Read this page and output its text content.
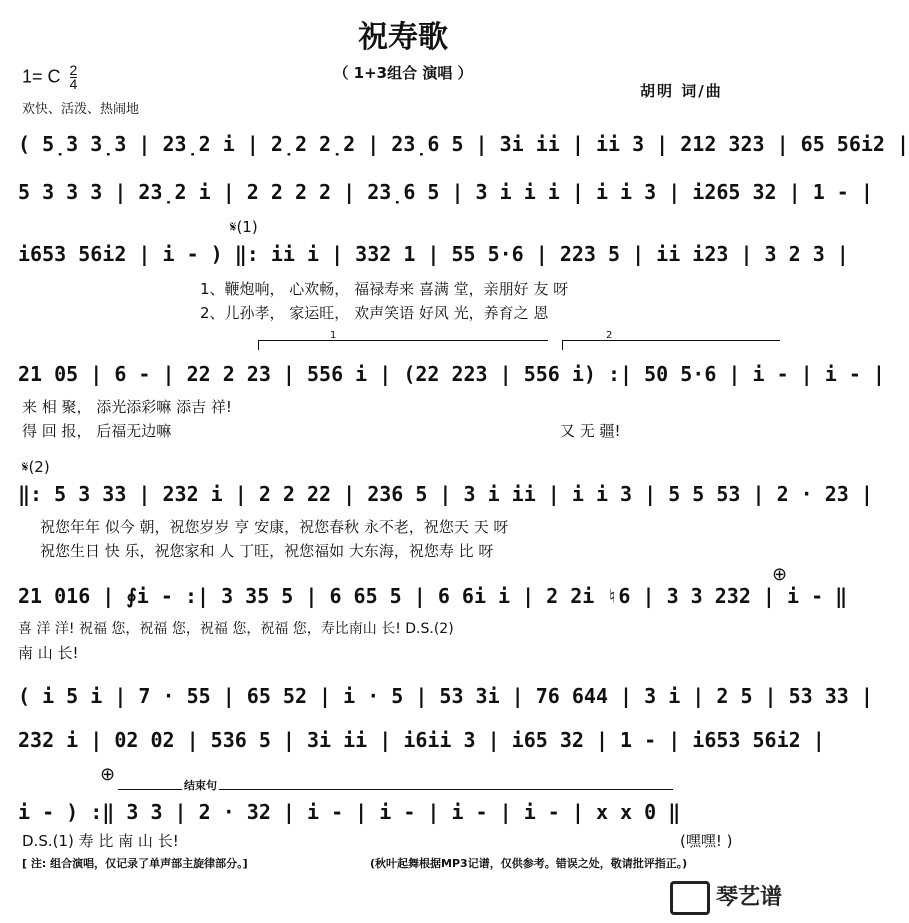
祝寿歌
（ 1+3组合 演唱 ）
1= C $\frac{2}{4}$
欢快、活泼、热闹地
胡明 词/曲
( 5̣3 3̣3 | 23̣2 i | 2̣2 2̣2 | 23̣6 5 | 3i ii | ii 3 | 212 323 | 65 56i2 |
5 3 3 3 | 23̣2 i | 2 2 2 2 | 23̣6 5 | 3 i i i | i i 3 | i265 32 | 1 - |
𝄋(1)
i653 56i2 | i - ) ‖: ii i | 332 1 | 55 5·6 | 223 5 | ii i23 | 3 2 3 |
1、鞭炮响， 心欢畅， 福禄寿来 喜满 堂，亲朋好 友 呀
2、儿孙孝， 家运旺， 欢声笑语 好风 光，养育之 恩
1	2
21 05 | 6 - | 22 2 23 | 556 i | (22 223 | 556 i) :| 50 5·6 | i - | i - |
来 相 聚， 添光添彩嘛 添吉 祥!
得 回 报， 后福无边嘛	又 无 疆!
𝄋(2)
‖: 5 3 33 | 232 i | 2 2 22 | 236 5 | 3 i ii | i i 3 | 5 5 53 | 2 · 23 |
祝您年年 似今 朝，祝您岁岁 亨 安康，祝您春秋 永不老，祝您天 天 呀
祝您生日 快 乐，祝您家和 人 丁旺，祝您福如 大东海，祝您寿 比 呀
⊕
21 016 | ∮i - :| 3 35 5 | 6 65 5 | 6 6i i | 2 2i ♮6 | 3 3 232 | i - ‖
喜 洋 洋! 祝福 您，祝福 您，祝福 您，祝福 您，寿比南山 长! D.S.(2)
南 山 长!
( i 5 i | 7 · 55 | 65 52 | i · 5 | 53 3i | 76 644 | 3 i | 2 5 | 53 33 |
232 i | 02 02 | 536 5 | 3i ii | i6ii 3 | i65 32 | 1 - | i653 56i2 |
⊕
结束句
i - ) :‖ 3 3 | 2 · 32 | i - | i - | i - | i - | x x 0 ‖
D.S.(1) 寿 比 南 山 长!	(嘿嘿! )
[ 注: 组合演唱，仅记录了单声部主旋律部分。]	(秋叶起舞根据MP3记谱，仅供参考。错误之处，敬请批评指正。)
琴艺谱
